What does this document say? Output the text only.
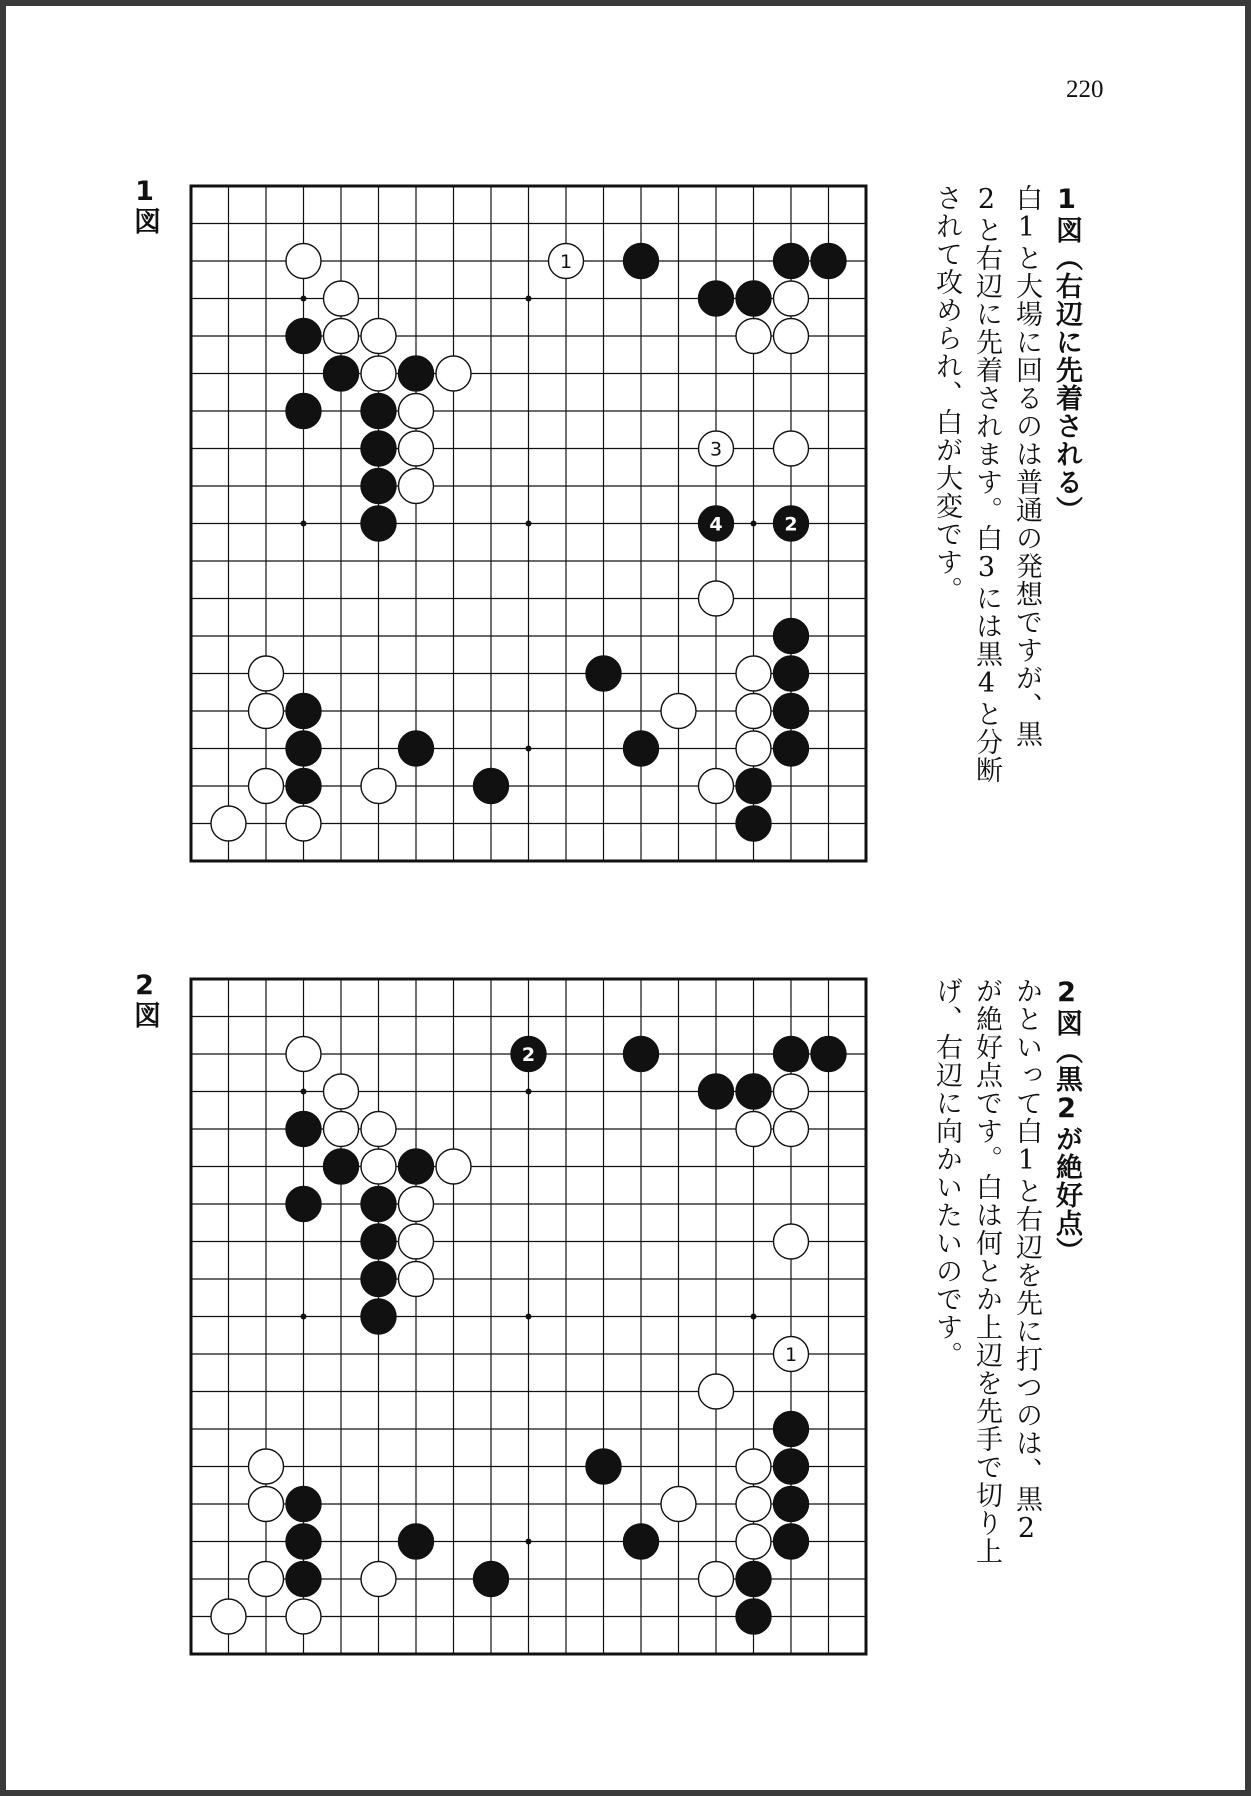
220
1図
1
3
4	2
1図（右辺に先着される）
白1と大場に回るのは普通の発想ですが、黒
2と右辺に先着されます。白3には黒4と分断
されて攻められ、白が大変です。
2図
2
1
2図（黒2が絶好点）
かといって白1と右辺を先に打つのは、黒2
が絶好点です。白は何とか上辺を先手で切り上
げ、右辺に向かいたいのです。
